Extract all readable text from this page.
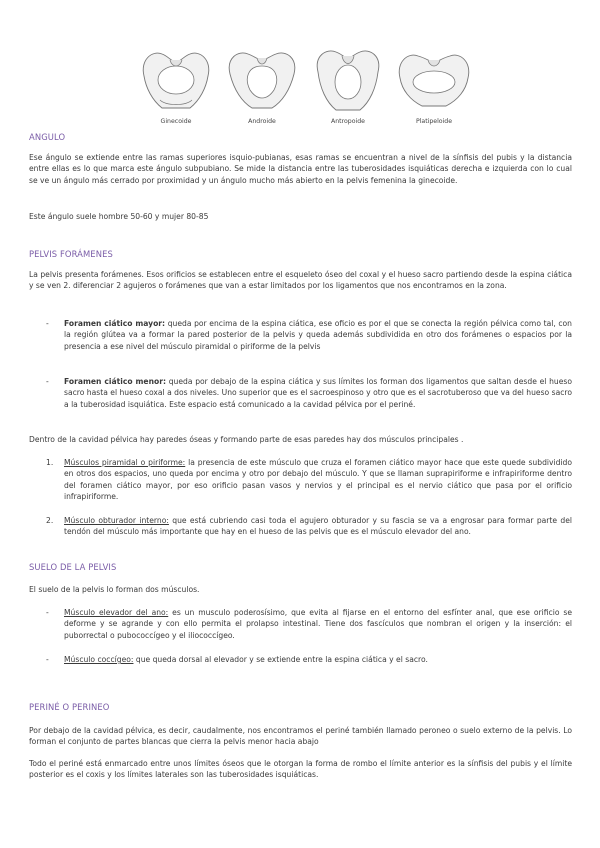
Ginecoide	Androide	Antropoide	Platipeloide
ANGULO
Ese ángulo se extiende entre las ramas superiores isquio-pubianas, esas ramas se encuentran a nivel de la sínfisis del pubis y la distancia entre ellas es lo que marca este ángulo subpubiano. Se mide la distancia entre las tuberosidades isquiáticas derecha e izquierda con lo cual se ve un ángulo más cerrado por proximidad y un ángulo mucho más abierto en la pelvis femenina la ginecoide.
Este ángulo suele hombre 50-60 y mujer 80-85
PELVIS FORÁMENES
La pelvis presenta forámenes. Esos orificios se establecen entre el esqueleto óseo del coxal y el hueso sacro partiendo desde la espina ciática y se ven 2. diferenciar 2 agujeros o forámenes que van a estar limitados por los ligamentos que nos encontramos en la zona.
- Foramen ciático mayor: queda por encima de la espina ciática, ese oficio es por el que se conecta la región pélvica como tal, con la región glútea va a formar la pared posterior de la pelvis y queda además subdividida en otro dos forámenes o espacios por la presencia a ese nivel del músculo piramidal o piriforme de la pelvis
- Foramen ciático menor: queda por debajo de la espina ciática y sus límites los forman dos ligamentos que saltan desde el hueso sacro hasta el hueso coxal a dos niveles. Uno superior que es el sacroespinoso y otro que es el sacrotuberoso que va del hueso sacro a la tuberosidad isquiática. Este espacio está comunicado a la cavidad pélvica por el periné.
Dentro de la cavidad pélvica hay paredes óseas y formando parte de esas paredes hay dos músculos principales .
1. Músculos piramidal o piriforme: la presencia de este músculo que cruza el foramen ciático mayor hace que este quede subdividido en otros dos espacios, uno queda por encima y otro por debajo del músculo. Y que se llaman suprapiriforme e infrapiriforme dentro del foramen ciático mayor, por eso orificio pasan vasos y nervios y el principal es el nervio ciático que pasa por el orificio infrapiriforme.
2. Músculo obturador interno: que está cubriendo casi toda el agujero obturador y su fascia se va a engrosar para formar parte del tendón del músculo más importante que hay en el hueso de las pelvis que es el músculo elevador del ano.
SUELO DE LA PELVIS
El suelo de la pelvis lo forman dos músculos.
- Músculo elevador del ano: es un musculo poderosísimo, que evita al fijarse en el entorno del esfínter anal, que ese orificio se deforme y se agrande y con ello permita el prolapso intestinal. Tiene dos fascículos que nombran el origen y la inserción: el puborrectal o pubococcígeo y el iliococcígeo.
- Músculo coccígeo: que queda dorsal al elevador y se extiende entre la espina ciática y el sacro.
PERINÉ O PERINEO
Por debajo de la cavidad pélvica, es decir, caudalmente, nos encontramos el periné también llamado peroneo o suelo externo de la pelvis. Lo forman el conjunto de partes blancas que cierra la pelvis menor hacia abajo
Todo el periné está enmarcado entre unos límites óseos que le otorgan la forma de rombo el límite anterior es la sínfisis del pubis y el límite posterior es el coxis y los límites laterales son las tuberosidades isquiáticas.
